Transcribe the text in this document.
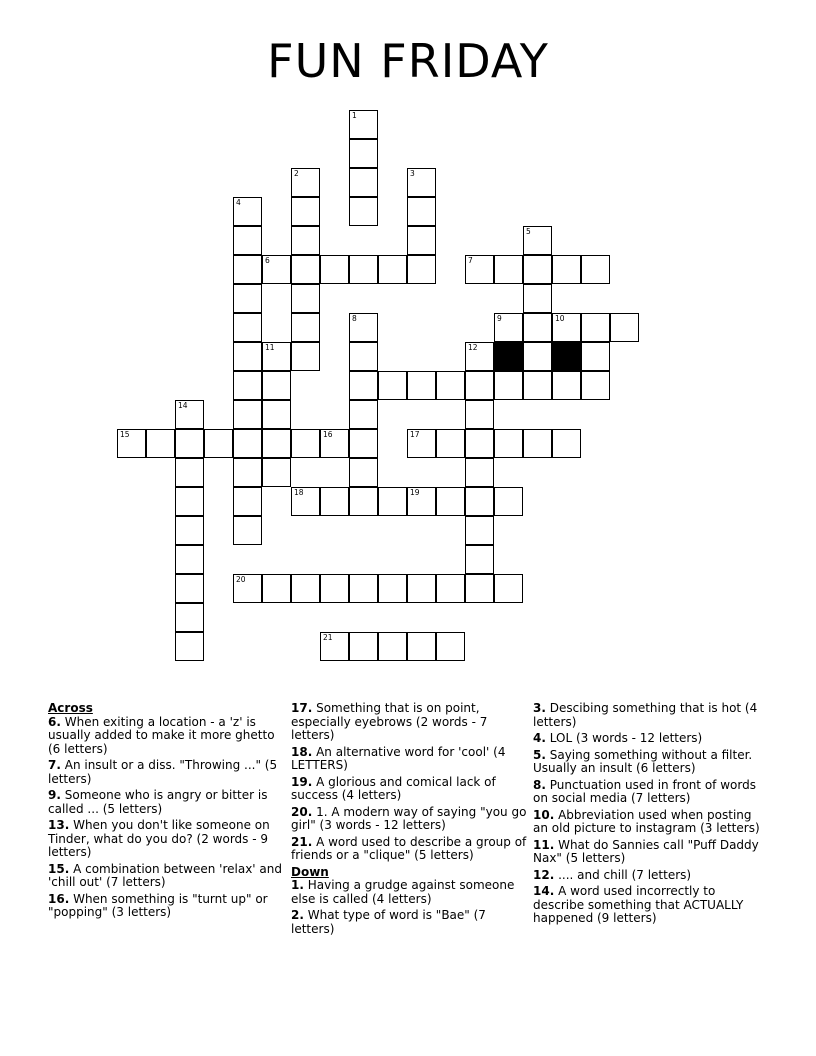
FUN FRIDAY
1
2	3
4
5
6	7
8	9	10
12
11
14
15	16	17
18	19
20
21
Across
6. When exiting a location - a 'z' is usually added to make it more ghetto (6 letters)
7. An insult or a diss. "Throwing ..." (5 letters)
9. Someone who is angry or bitter is called ... (5 letters)
13. When you don't like someone on Tinder, what do you do? (2 words - 9 letters)
15. A combination between 'relax' and 'chill out' (7 letters)
16. When something is "turnt up" or "popping" (3 letters)
17. Something that is on point, especially eyebrows (2 words - 7 letters)
18. An alternative word for 'cool' (4 LETTERS)
19. A glorious and comical lack of success (4 letters)
20. 1. A modern way of saying "you go girl" (3 words - 12 letters)
21. A word used to describe a group of friends or a "clique" (5 letters)
Down
1. Having a grudge against someone else is called (4 letters)
2. What type of word is "Bae" (7 letters)
3. Descibing something that is hot (4 letters)
4. LOL (3 words - 12 letters)
5. Saying something without a filter. Usually an insult (6 letters)
8. Punctuation used in front of words on social media (7 letters)
10. Abbreviation used when posting an old picture to instagram (3 letters)
11. What do Sannies call "Puff Daddy Nax" (5 letters)
12. .... and chill (7 letters)
14. A word used incorrectly to describe something that ACTUALLY happened (9 letters)
